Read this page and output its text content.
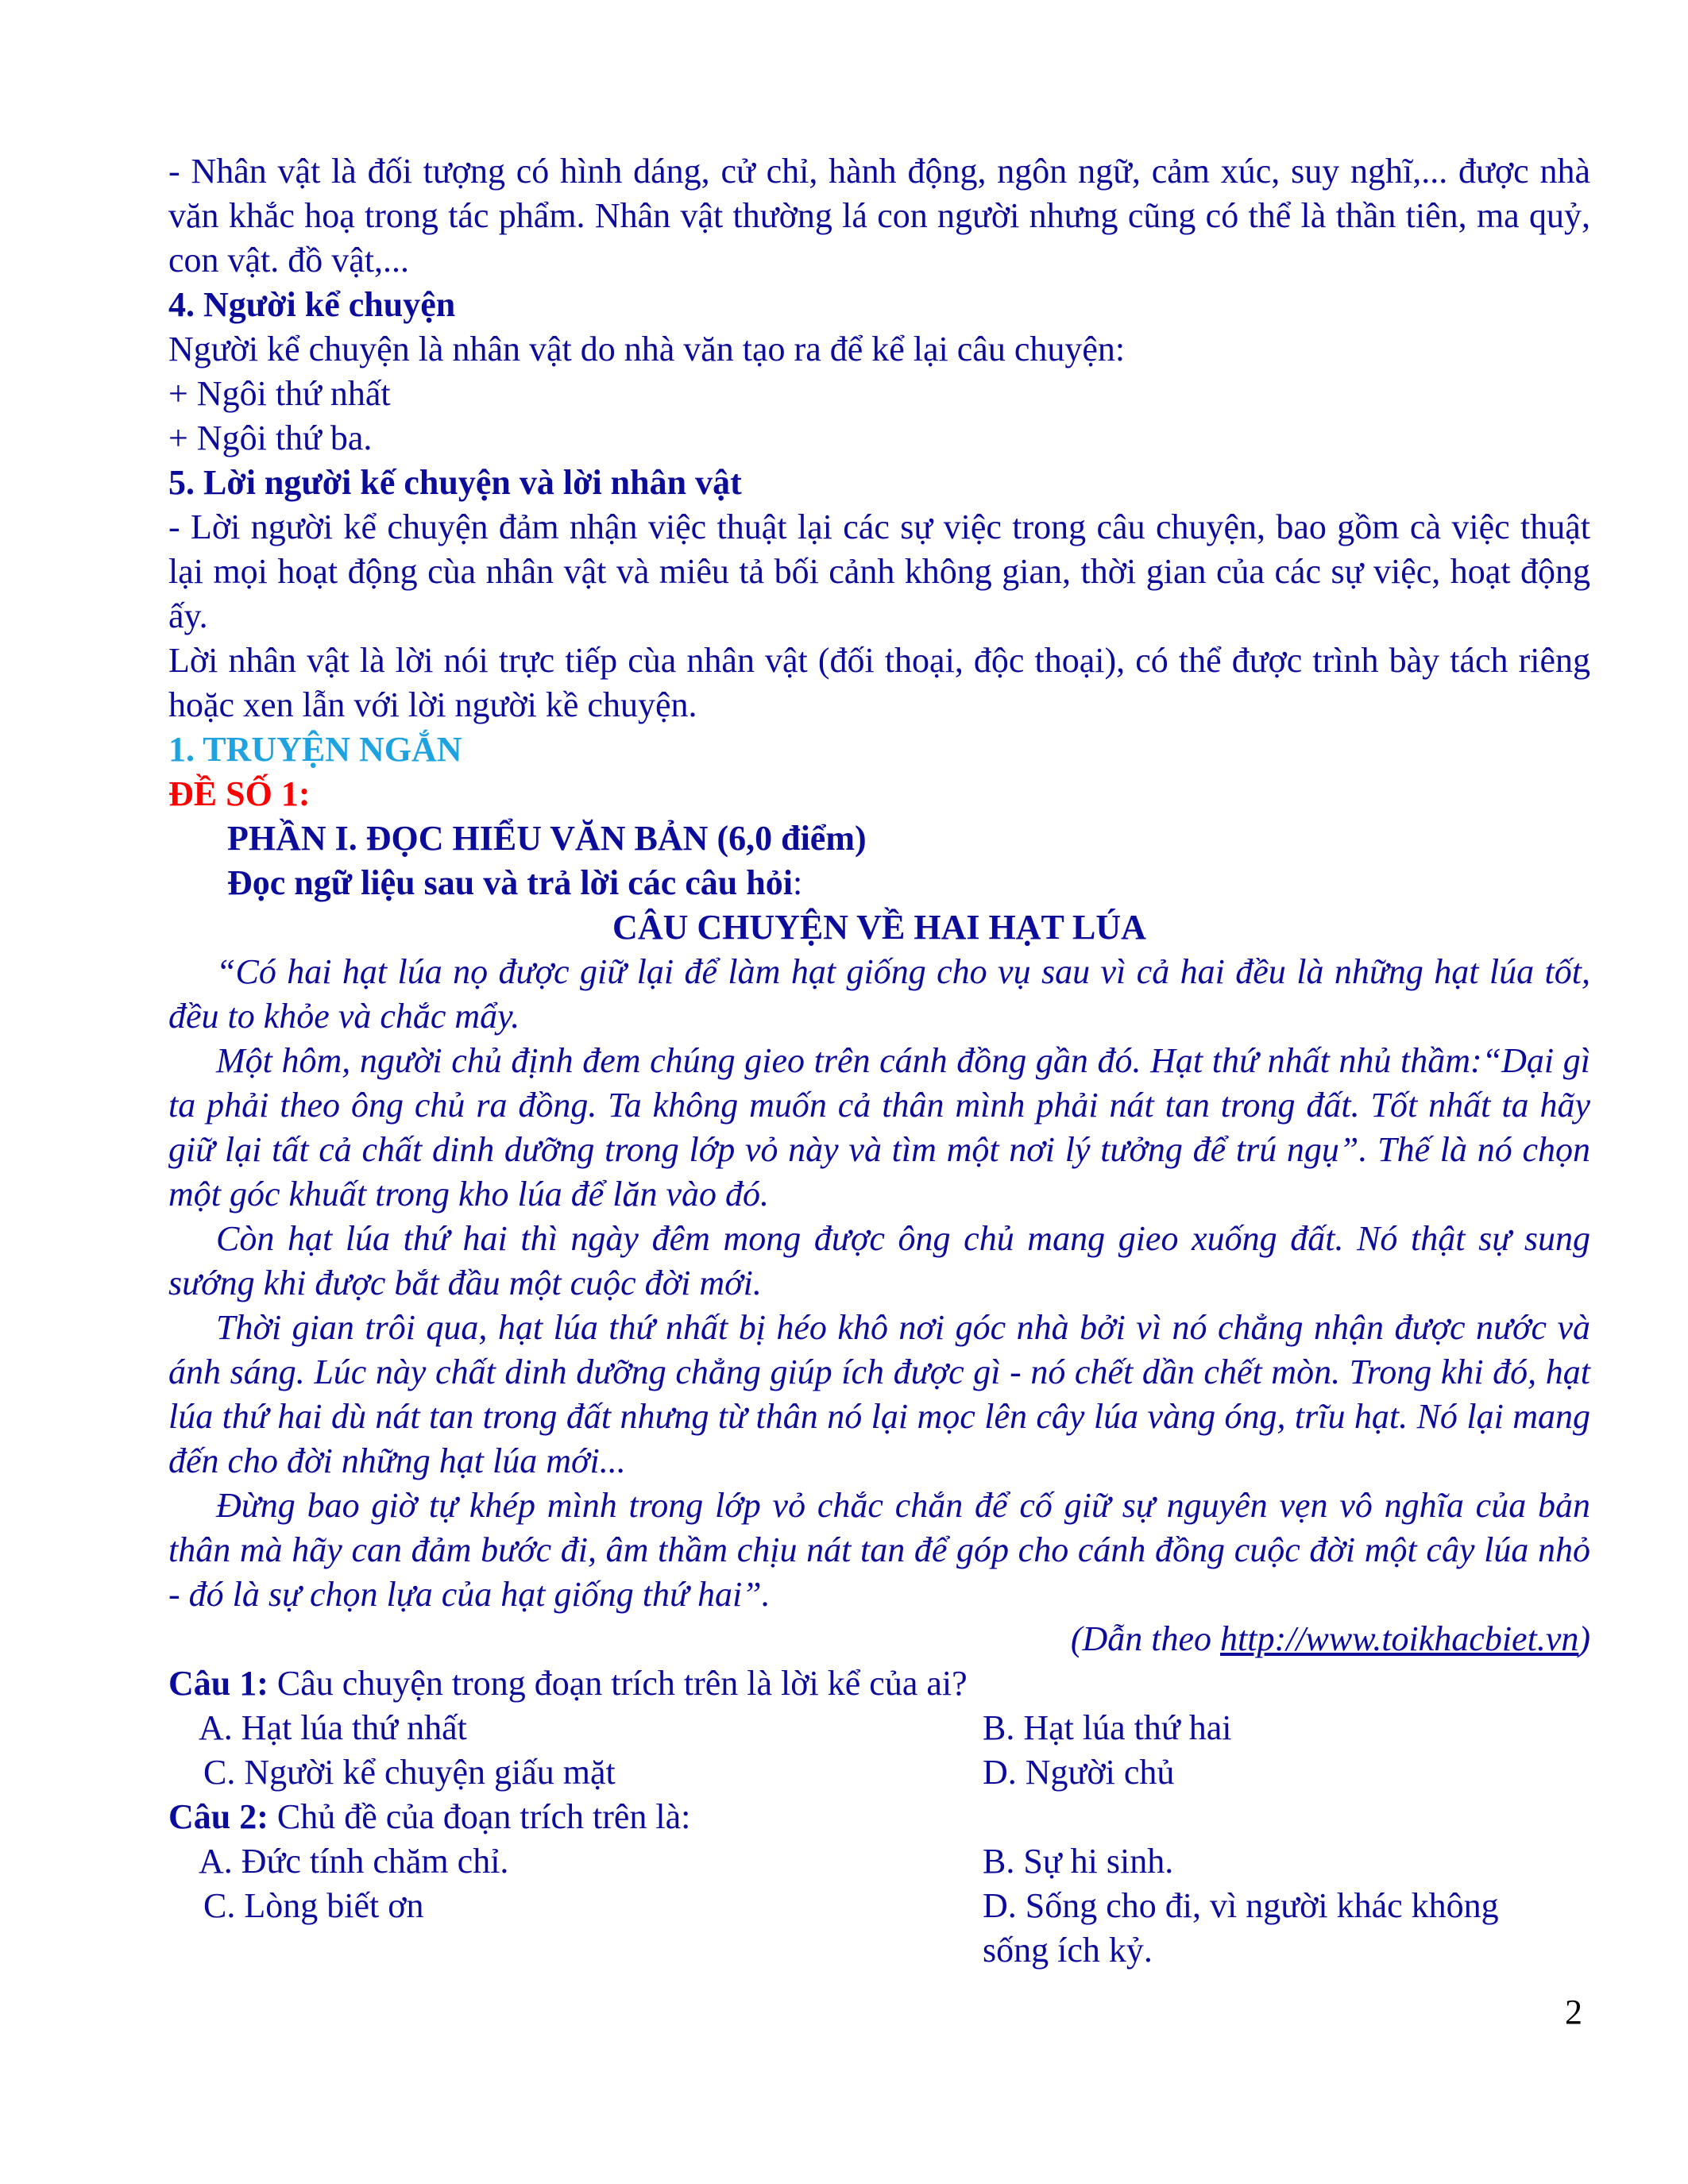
- Nhân vật là đối tượng có hình dáng, cử chỉ, hành động, ngôn ngữ, cảm xúc, suy nghĩ,... được nhà văn khắc hoạ trong tác phẩm. Nhân vật thường lá con người nhưng cũng có thể là thần tiên, ma quỷ, con vật. đồ vật,...

4. Người kể chuyện

Người kể chuyện là nhân vật do nhà văn tạo ra để kể lại câu chuyện:

+ Ngôi thứ nhất

+ Ngôi thứ ba.

5. Lời người kế chuyện và lời nhân vật

- Lời người kể chuyện đảm nhận việc thuật lại các sự việc trong câu chuyện, bao gồm cà việc thuật lại mọi hoạt động cùa nhân vật và miêu tả bối cảnh không gian, thời gian của các sự việc, hoạt động ấy.

Lời nhân vật là lời nói trực tiếp cùa nhân vật (đối thoại, độc thoại), có thể được trình bày tách riêng hoặc xen lẫn với lời người kề chuyện.

1. TRUYỆN NGẮN

ĐỀ SỐ 1:

PHẦN I. ĐỌC HIỂU VĂN BẢN (6,0 điểm)

Đọc ngữ liệu sau và trả lời các câu hỏi:

CÂU CHUYỆN VỀ HAI HẠT LÚA

“Có hai hạt lúa nọ được giữ lại để làm hạt giống cho vụ sau vì cả hai đều là những hạt lúa tốt, đều to khỏe và chắc mẩy.

Một hôm, người chủ định đem chúng gieo trên cánh đồng gần đó. Hạt thứ nhất nhủ thầm:“Dại gì ta phải theo ông chủ ra đồng. Ta không muốn cả thân mình phải nát tan trong đất. Tốt nhất ta hãy giữ lại tất cả chất dinh dưỡng trong lớp vỏ này và tìm một nơi lý tưởng để trú ngụ”. Thế là nó chọn một góc khuất trong kho lúa để lăn vào đó.

Còn hạt lúa thứ hai thì ngày đêm mong được ông chủ mang gieo xuống đất. Nó thật sự sung sướng khi được bắt đầu một cuộc đời mới.

Thời gian trôi qua, hạt lúa thứ nhất bị héo khô nơi góc nhà bởi vì nó chẳng nhận được nước và ánh sáng. Lúc này chất dinh dưỡng chẳng giúp ích được gì - nó chết dần chết mòn. Trong khi đó, hạt lúa thứ hai dù nát tan trong đất nhưng từ thân nó lại mọc lên cây lúa vàng óng, trĩu hạt. Nó lại mang đến cho đời những hạt lúa mới...

Đừng bao giờ tự khép mình trong lớp vỏ chắc chắn để cố giữ sự nguyên vẹn vô nghĩa của bản thân mà hãy can đảm bước đi, âm thầm chịu nát tan để góp cho cánh đồng cuộc đời một cây lúa nhỏ - đó là sự chọn lựa của hạt giống thứ hai”.

(Dẫn theo http://www.toikhacbiet.vn)

Câu 1: Câu chuyện trong đoạn trích trên là lời kể của ai?

A. Hạt lúa thứ nhất	B. Hạt lúa thứ hai
C. Người kể chuyện giấu mặt	D. Người chủ

Câu 2: Chủ đề của đoạn trích trên là:

A. Đức tính chăm chỉ.	B. Sự hi sinh.
C. Lòng biết ơn	D. Sống cho đi, vì người khác không sống ích kỷ.
2
